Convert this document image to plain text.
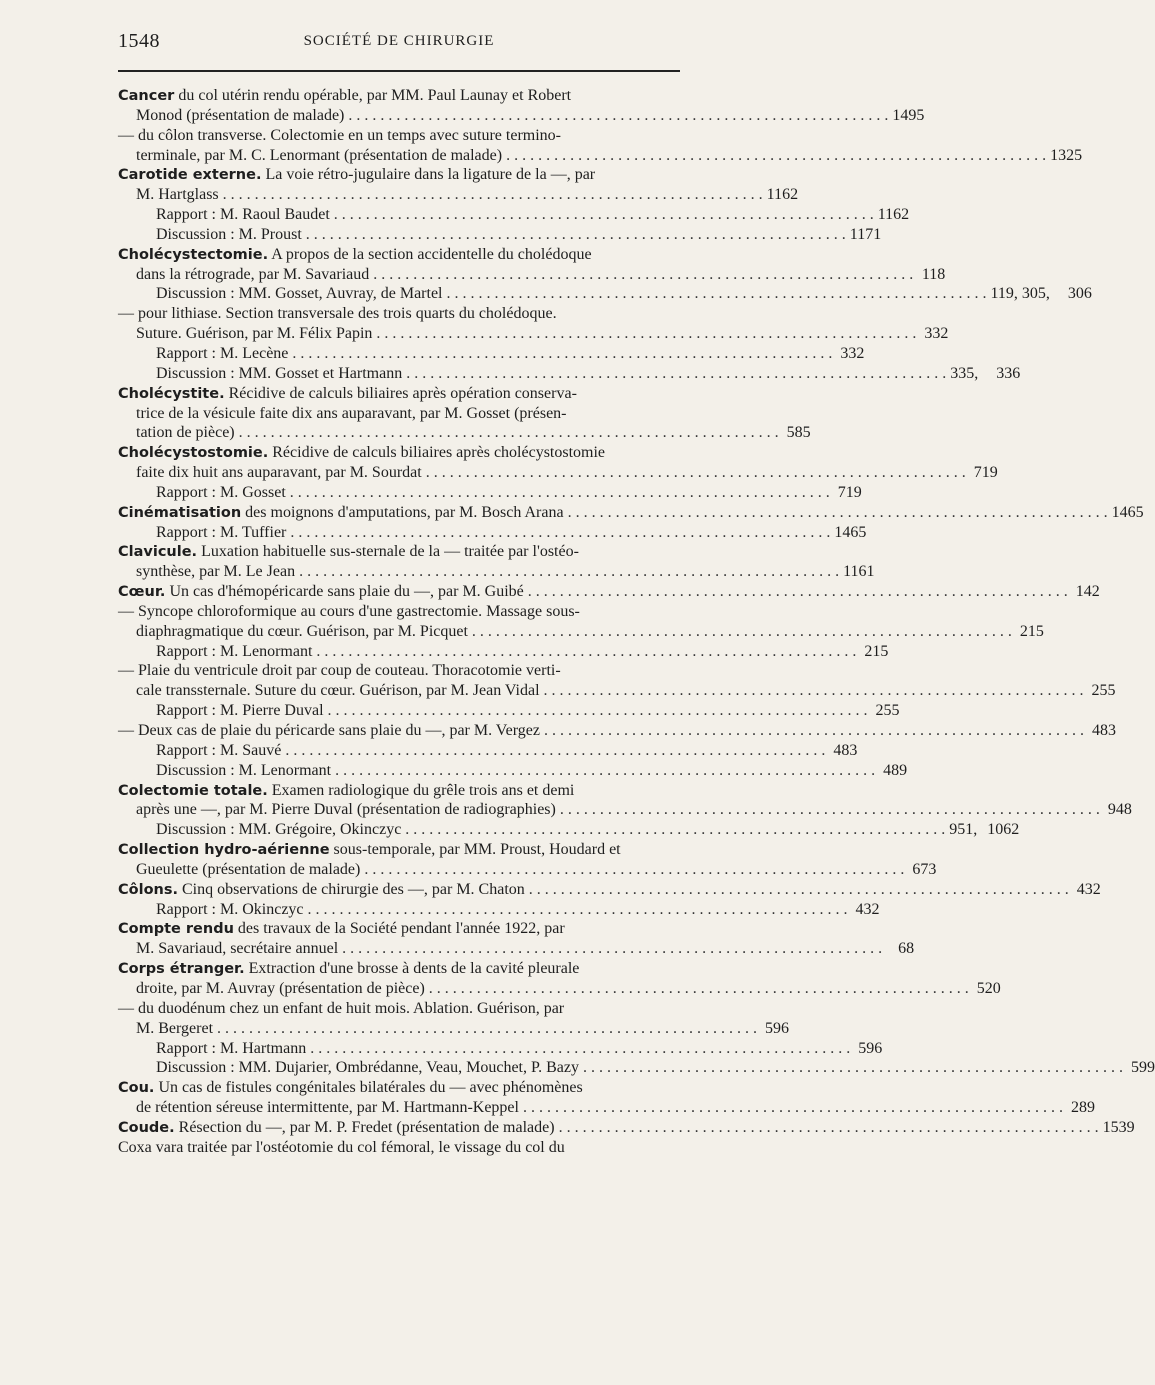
1548	SOCIÉTÉ DE CHIRURGIE
Cancer du col utérin rendu opérable, par MM. Paul Launay et Robert
Monod (présentation de malade) . . .	1495
— du côlon transverse. Colectomie en un temps avec suture termino-
terminale, par M. C. Lenormant (présentation de malade) . . .	1325
Carotide externe. La voie rétro-jugulaire dans la ligature de la —, par
M. Hartglass . . .	1162
Rapport : M. Raoul Baudet . . .	1162
Discussion : M. Proust . . .	1171
Cholécystectomie. A propos de la section accidentelle du cholédoque
dans la rétrograde, par M. Savariaud . . .	118
Discussion : MM. Gosset, Auvray, de Martel . . .	119, 305,	306
— pour lithiase. Section transversale des trois quarts du cholédoque.
Suture. Guérison, par M. Félix Papin . . .	332
Rapport : M. Lecène . . .	332
Discussion : MM. Gosset et Hartmann . . .	335,	336
Cholécystite. Récidive de calculs biliaires après opération conserva-
trice de la vésicule faite dix ans auparavant, par M. Gosset (présen-
tation de pièce) . . .	585
Cholécystostomie. Récidive de calculs biliaires après cholécystostomie
faite dix huit ans auparavant, par M. Sourdat . . .	719
Rapport : M. Gosset . . .	719
Cinématisation des moignons d'amputations, par M. Bosch Arana . . .	1465
Rapport : M. Tuffier . . .	1465
Clavicule. Luxation habituelle sus-sternale de la — traitée par l'ostéo-
synthèse, par M. Le Jean . . .	1161
Cœur. Un cas d'hémopéricarde sans plaie du —, par M. Guibé . . .	142
— Syncope chloroformique au cours d'une gastrectomie. Massage sous-
diaphragmatique du cœur. Guérison, par M. Picquet . . .	215
Rapport : M. Lenormant . . .	215
— Plaie du ventricule droit par coup de couteau. Thoracotomie verti-
cale transsternale. Suture du cœur. Guérison, par M. Jean Vidal . . .	255
Rapport : M. Pierre Duval . . .	255
— Deux cas de plaie du péricarde sans plaie du —, par M. Vergez . . .	483
Rapport : M. Sauvé . . .	483
Discussion : M. Lenormant . . .	489
Colectomie totale. Examen radiologique du grêle trois ans et demi
après une —, par M. Pierre Duval (présentation de radiographies) . . .	948
Discussion : MM. Grégoire, Okinczyc . . .	951, 1062
Collection hydro-aérienne sous-temporale, par MM. Proust, Houdard et
Gueulette (présentation de malade) . . .	673
Côlons. Cinq observations de chirurgie des —, par M. Chaton . . .	432
Rapport : M. Okinczyc . . .	432
Compte rendu des travaux de la Société pendant l'année 1922, par
M. Savariaud, secrétaire annuel . . .	68
Corps étranger. Extraction d'une brosse à dents de la cavité pleurale
droite, par M. Auvray (présentation de pièce) . . .	520
— du duodénum chez un enfant de huit mois. Ablation. Guérison, par
M. Bergeret . . .	596
Rapport : M. Hartmann . . .	596
Discussion : MM. Dujarier, Ombrédanne, Veau, Mouchet, P. Bazy . . .	599
Cou. Un cas de fistules congénitales bilatérales du — avec phénomènes
de rétention séreuse intermittente, par M. Hartmann-Keppel . . .	289
Coude. Résection du —, par M. P. Fredet (présentation de malade) . . .	1539
Coxa vara traitée par l'ostéotomie du col fémoral, le vissage du col du
